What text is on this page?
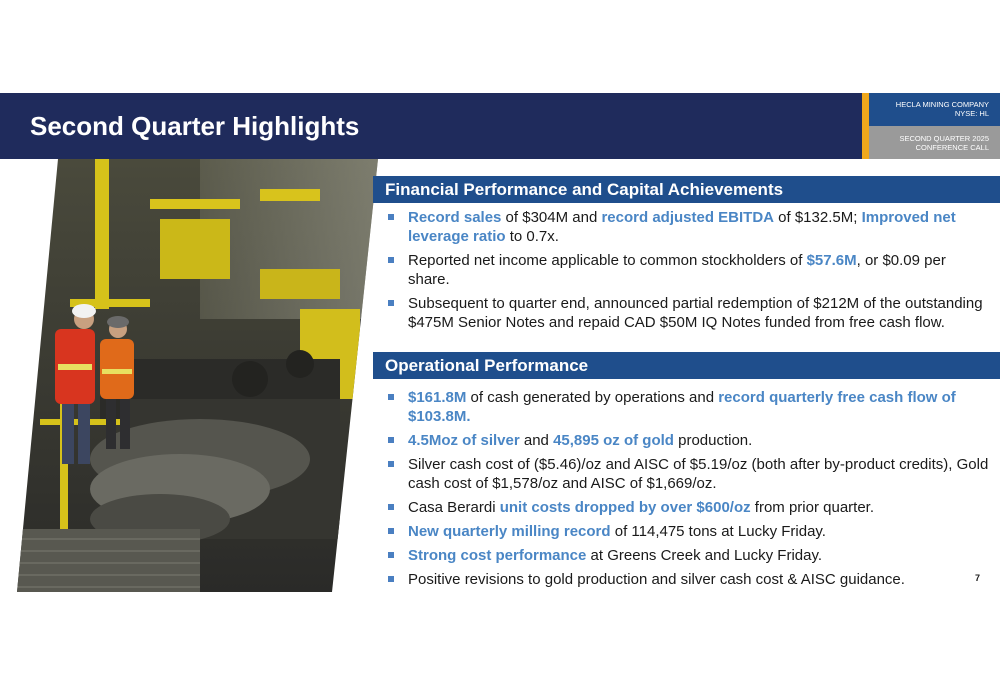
Second Quarter Highlights
HECLA MINING COMPANY
NYSE: HL
SECOND QUARTER 2025
CONFERENCE CALL
Financial Performance and Capital Achievements
Record sales of $304M and record adjusted EBITDA of $132.5M; Improved net leverage ratio to 0.7x.
Reported net income applicable to common stockholders of $57.6M, or $0.09 per share.
Subsequent to quarter end, announced partial redemption of $212M of the outstanding $475M Senior Notes and repaid CAD $50M IQ Notes funded from free cash flow.
Operational Performance
$161.8M of cash generated by operations and record quarterly free cash flow of $103.8M.
4.5Moz of silver and 45,895 oz of gold production.
Silver cash cost of ($5.46)/oz and AISC of $5.19/oz (both after by-product credits), Gold cash cost of $1,578/oz and AISC of $1,669/oz.
Casa Berardi unit costs dropped by over $600/oz from prior quarter.
New quarterly milling record of 114,475 tons at Lucky Friday.
Strong cost performance at Greens Creek and Lucky Friday.
Positive revisions to gold production and silver cash cost & AISC guidance.	7
